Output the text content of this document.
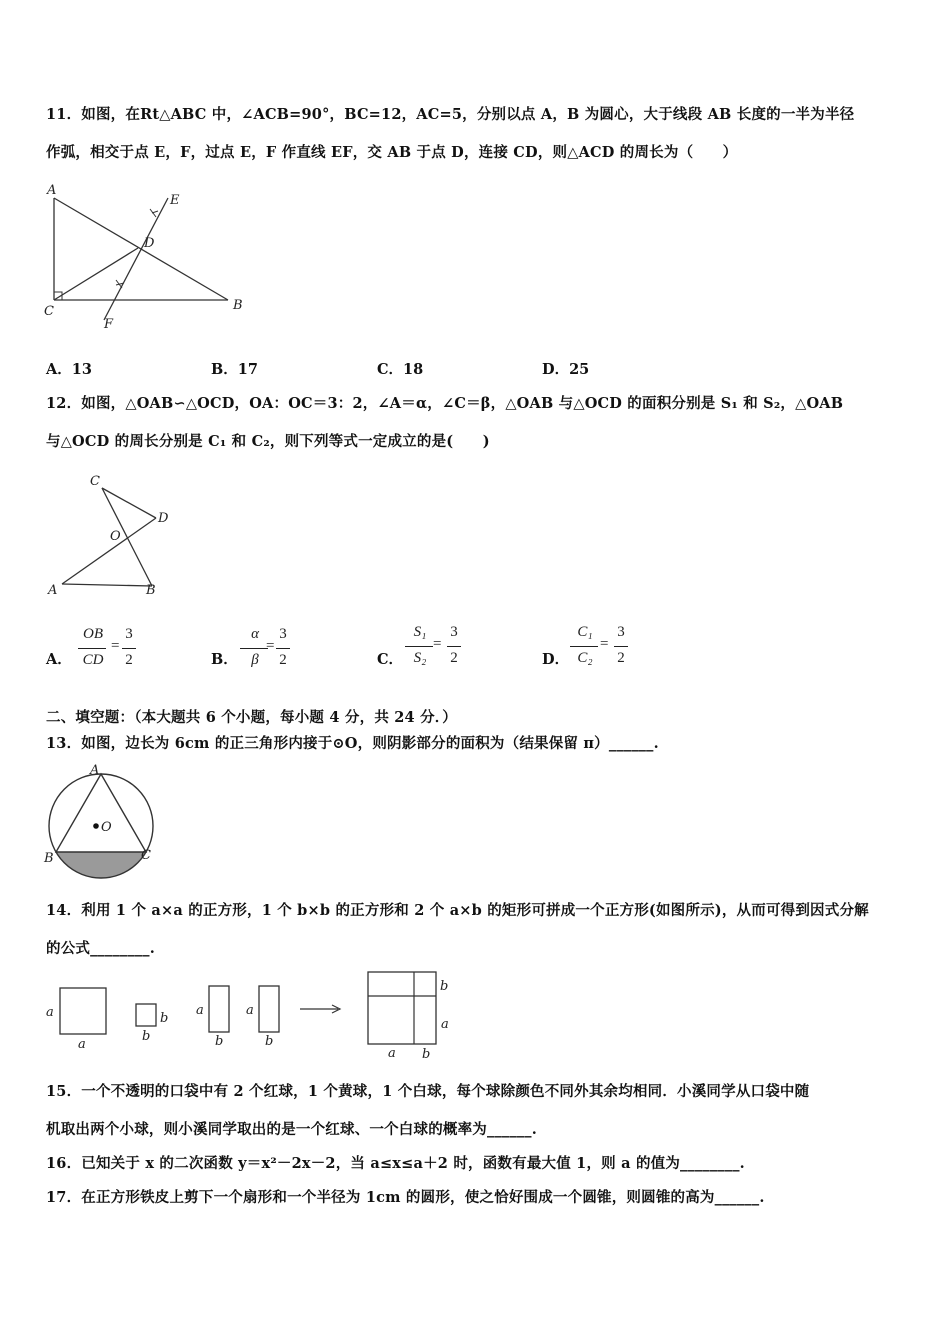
11．如图，在Rt△ABC 中，∠ACB=90°，BC=12，AC=5，分别以点 A，B 为圆心，大于线段 AB 长度的一半为半径
作弧，相交于点 E，F，过点 E，F 作直线 EF，交 AB 于点 D，连接 CD，则△ACD 的周长为（　　）
A
B
C
D
E
F
A．13	B．17	C．18	D．25
12．如图，△OAB∽△OCD，OA：OC＝3：2，∠A＝α，∠C＝β，△OAB 与△OCD 的面积分别是 S₁ 和 S₂，△OAB
与△OCD 的周长分别是 C₁ 和 C₂，则下列等式一定成立的是(　　)
C
D
O
A	B
A．
OB
CD
=
3
2	B．
α
β
=
3
2	C．
S₁
S₂
=
3
2	D．
C₁
C₂
=
3
2
二、填空题：（本大题共 6 个小题，每小题 4 分，共 24 分．）
13．如图，边长为 6cm 的正三角形内接于⊙O，则阴影部分的面积为（结果保留 π）______.
A
B	C
O
14．利用 1 个 a×a 的正方形，1 个 b×b 的正方形和 2 个 a×b 的矩形可拼成一个正方形(如图所示)，从而可得到因式分解
的公式________.
a
a
b
b
a
b
a
b
b
a
a b
15．一个不透明的口袋中有 2 个红球，1 个黄球，1 个白球，每个球除颜色不同外其余均相同．小溪同学从口袋中随
机取出两个小球，则小溪同学取出的是一个红球、一个白球的概率为______.
16．已知关于 x 的二次函数 y＝x²－2x－2，当 a≤x≤a＋2 时，函数有最大值 1，则 a 的值为________.
17．在正方形铁皮上剪下一个扇形和一个半径为 1cm 的圆形，使之恰好围成一个圆锥，则圆锥的高为______.
